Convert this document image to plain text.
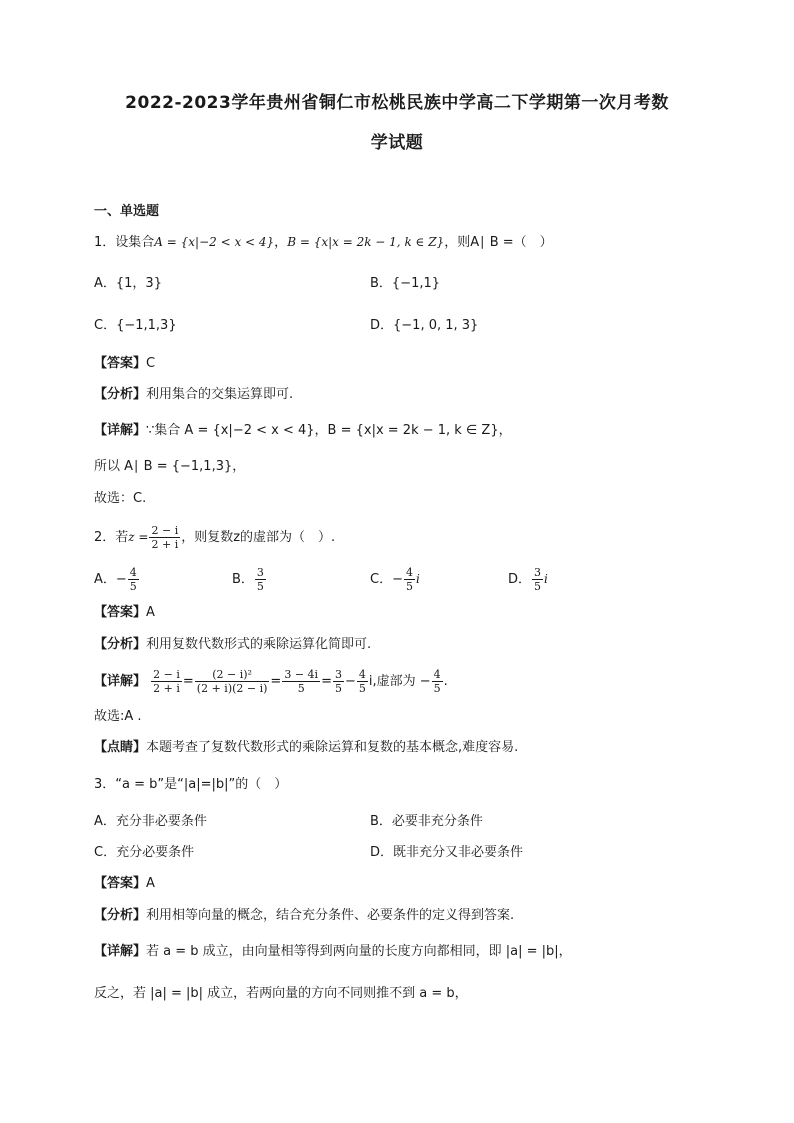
2022-2023学年贵州省铜仁市松桃民族中学高二下学期第一次月考数
学试题
一、单选题
1．设集合A = {x|−2 < x < 4}，B = {x|x = 2k − 1, k ∈ Z}，则A∣ B =（　）
A．{1，3}	B．{−1,1}
C．{−1,1,3}	D．{−1, 0, 1, 3}
【答案】C
【分析】利用集合的交集运算即可.
【详解】∵集合 A = {x|−2 < x < 4}，B = {x|x = 2k − 1, k ∈ Z}，
所以 A∣ B = {−1,1,3}，
故选：C.
2．若$z = \frac{2 - i}{2 + i}$ ，则复数z的虚部为（　）.
A．− $\frac{4}{5}$	B． $\frac{3}{5}$	C．− $\frac{4}{5}$ i	D． $\frac{3}{5}$ i
【答案】A
【分析】利用复数代数形式的乘除运算化简即可.
【详解】 $\frac{2 - i}{2 + i} = \frac{\text{(2 − i)²}}{(2 + i)(2 - i)} = \frac{3 - 4i}{5} = \frac{3}{5} - \frac{4}{5} i$,虚部为 − $\frac{4}{5}$ .
故选:A .
【点睛】本题考查了复数代数形式的乘除运算和复数的基本概念,难度容易.
3．“a = b”是“|a|=|b|”的（　）
A．充分非必要条件	B．必要非充分条件
C．充分必要条件	D．既非充分又非必要条件
【答案】A
【分析】利用相等向量的概念，结合充分条件、必要条件的定义得到答案.
【详解】若 a = b 成立，由向量相等得到两向量的长度方向都相同，即 |a| = |b|，
反之，若 |a| = |b| 成立，若两向量的方向不同则推不到 a = b，
